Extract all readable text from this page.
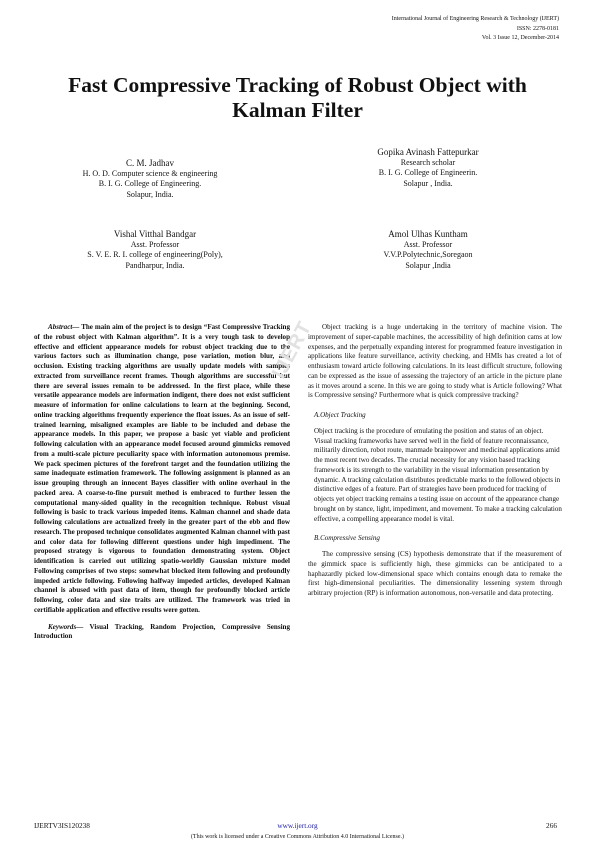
International Journal of Engineering Research & Technology (IJERT)
ISSN: 2278-0181
Vol. 3 Issue 12, December-2014
Fast Compressive Tracking of Robust Object with Kalman Filter
C. M. Jadhav
H. O. D. Computer science & engineering
B. I. G. College of Engineering.
Solapur, India.
Gopika Avinash Fattepurkar
Research scholar
B. I. G. College of Engineerin.
Solapur , India.
Vishal Vitthal Bandgar
Asst. Professor
S. V. E. R. I. college of engineering(Poly),
Pandharpur, India.
Amol Ulhas Kuntham
Asst. Professor
V.V.P.Polytechnic,Soregaon
Solapur ,India

Abstract— The main aim of the project is to design “Fast Compressive Tracking of the robust object with Kalman algorithm”. It is a very tough task to develop effective and efficient appearance models for robust object tracking due to the various factors such as illumination change, pose variation, motion blur, and occlusion. Existing tracking algorithms are usually update models with samples extracted from surveillance recent frames. Though algorithms are successful but there are several issues remain to be addressed. In the first place, while these versatile appearance models are information indigent, there does not exist sufficient measure of information for online calculations to learn at the beginning. Second, online tracking algorithms frequently experience the float issues. As an issue of self-trained learning, misaligned examples are liable to be included and debase the appearance models. In this paper, we propose a basic yet viable and proficient following calculation with an appearance model focused around gimmicks removed from a multi-scale picture peculiarity space with information autonomous premise. We pack specimen pictures of the forefront target and the foundation utilizing the same inadequate estimation framework. The following assignment is planned as an issue grouping through an innocent Bayes classifier with online overhaul in the packed area. A coarse-to-fine pursuit method is embraced to further lessen the computational many-sided quality in the recognition technique. Robust visual following is basic to track various impeded items. Kalman channel and shade data following calculations are actualized freely in the greater part of the ebb and flow research. The proposed technique consolidates augmented Kalman channel with past and color data for following different questions under high impediment. The proposed strategy is vigorous to foundation demonstrating system. Object identification is carried out utilizing spatio-worldly Gaussian mixture model Following comprises of two steps: somewhat blocked item following and profoundly impeded article following. Following halfway impeded articles, developed Kalman channel is abused with past data of item, though for profoundly blocked article following, color data and size traits are utilized. The framework was tried in certifiable application and effective results were gotten.

Keywords— Visual Tracking, Random Projection, Compressive Sensing Introduction

Object tracking is a huge undertaking in the territory of machine vision. The improvement of super-capable machines, the accessibility of high definition cams at low expenses, and the perpetually expanding interest for programmed feature investigation in applications like feature surveillance, activity checking, and HMIs has created a lot of enthusiasm toward article following calculations. In its least difficult structure, following can be expressed as the issue of assessing the trajectory of an article in the picture plane as it moves around a scene. In this we are going to study what is Article following? What is Compressive sensing? Furthermore what is quick compressive tracking?

A.Object Tracking

Object tracking is the procedure of emulating the position and status of an object. Visual tracking frameworks have served well in the field of feature reconnaissance, militarily direction, robot route, manmade brainpower and medicinal applications amid the most recent two decades. The crucial necessity for any vision based tracking framework is its strength to the variability in the visual information presentation by dynamic. A tracking calculation distributes predictable marks to the followed objects in distinctive edges of a feature. Part of strategies have been produced for tracking of objects yet object tracking remains a testing issue on account of the appearance change brought on by stance, light, impediment, and movement. To make a tracking calculation effective, a compelling appearance model is vital.

B.Compressive Sensing

The compressive sensing (CS) hypothesis demonstrate that if the measurement of the gimmick space is sufficiently high, these gimmicks can be anticipated to a haphazardly picked low-dimensional space which contains enough data to remake the first high-dimensional peculiarities. The dimensionality lessening system through arbitrary projection (RP) is information autonomous, non-versatile and data protecting.

IJERT
IJERTV3IS120238	www.ijert.org	266
(This work is licensed under a Creative Commons Attribution 4.0 International License.)
